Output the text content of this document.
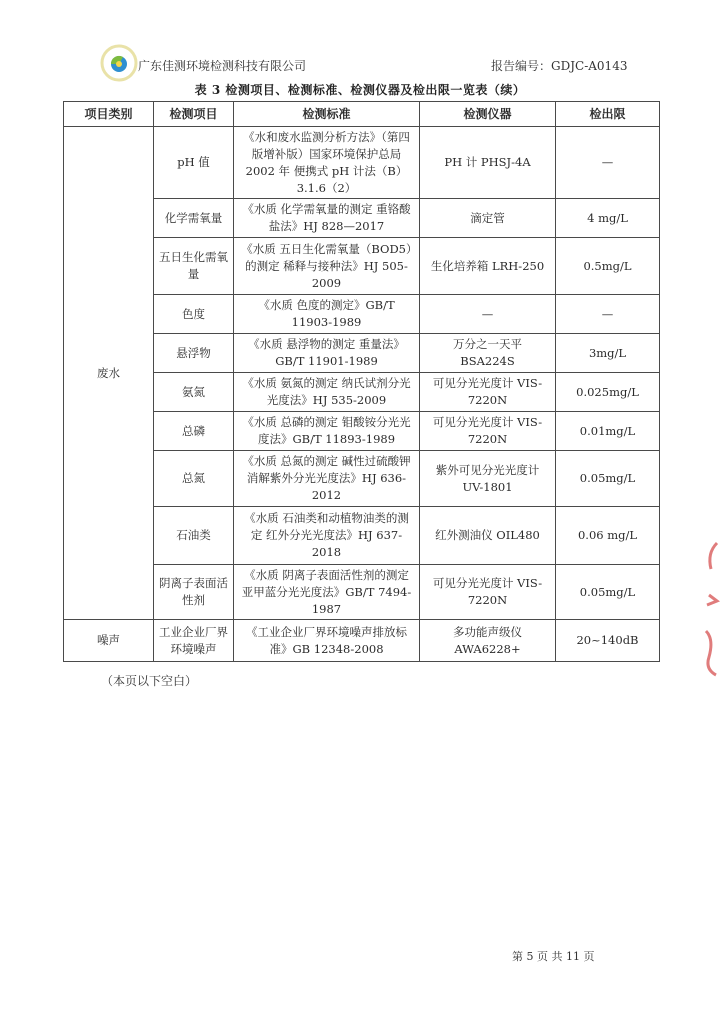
广东佳测环境检测科技有限公司	报告编号：GDJC-A0143
表 3 检测项目、检测标准、检测仪器及检出限一览表（续）
项目类别	检测项目	检测标准	检测仪器	检出限
废水	pH 值	《水和废水监测分析方法》（第四版增补版）国家环境保护总局 2002 年 便携式 pH 计法（B）3.1.6（2）	PH 计 PHSJ-4A	—
	化学需氧量	《水质 化学需氧量的测定 重铬酸盐法》HJ 828—2017	滴定管	4 mg/L
	五日生化需氧量	《水质 五日生化需氧量（BOD5）的测定 稀释与接种法》HJ 505-2009	生化培养箱 LRH-250	0.5mg/L
	色度	《水质 色度的测定》GB/T 11903-1989	—	—
	悬浮物	《水质 悬浮物的测定 重量法》GB/T 11901-1989	万分之一天平 BSA224S	3mg/L
	氨氮	《水质 氨氮的测定 纳氏试剂分光光度法》HJ 535-2009	可见分光光度计 VIS-7220N	0.025mg/L
	总磷	《水质 总磷的测定 钼酸铵分光光度法》GB/T 11893-1989	可见分光光度计 VIS-7220N	0.01mg/L
	总氮	《水质 总氮的测定 碱性过硫酸钾消解紫外分光光度法》HJ 636-2012	紫外可见分光光度计 UV-1801	0.05mg/L
	石油类	《水质 石油类和动植物油类的测定 红外分光光度法》HJ 637-2018	红外测油仪 OIL480	0.06 mg/L
	阴离子表面活性剂	《水质 阴离子表面活性剂的测定 亚甲蓝分光光度法》GB/T 7494-1987	可见分光光度计 VIS-7220N	0.05mg/L
噪声	工业企业厂界环境噪声	《工业企业厂界环境噪声排放标准》GB 12348-2008	多功能声级仪 AWA6228+	20~140dB
（本页以下空白）
第 5 页 共 11 页
